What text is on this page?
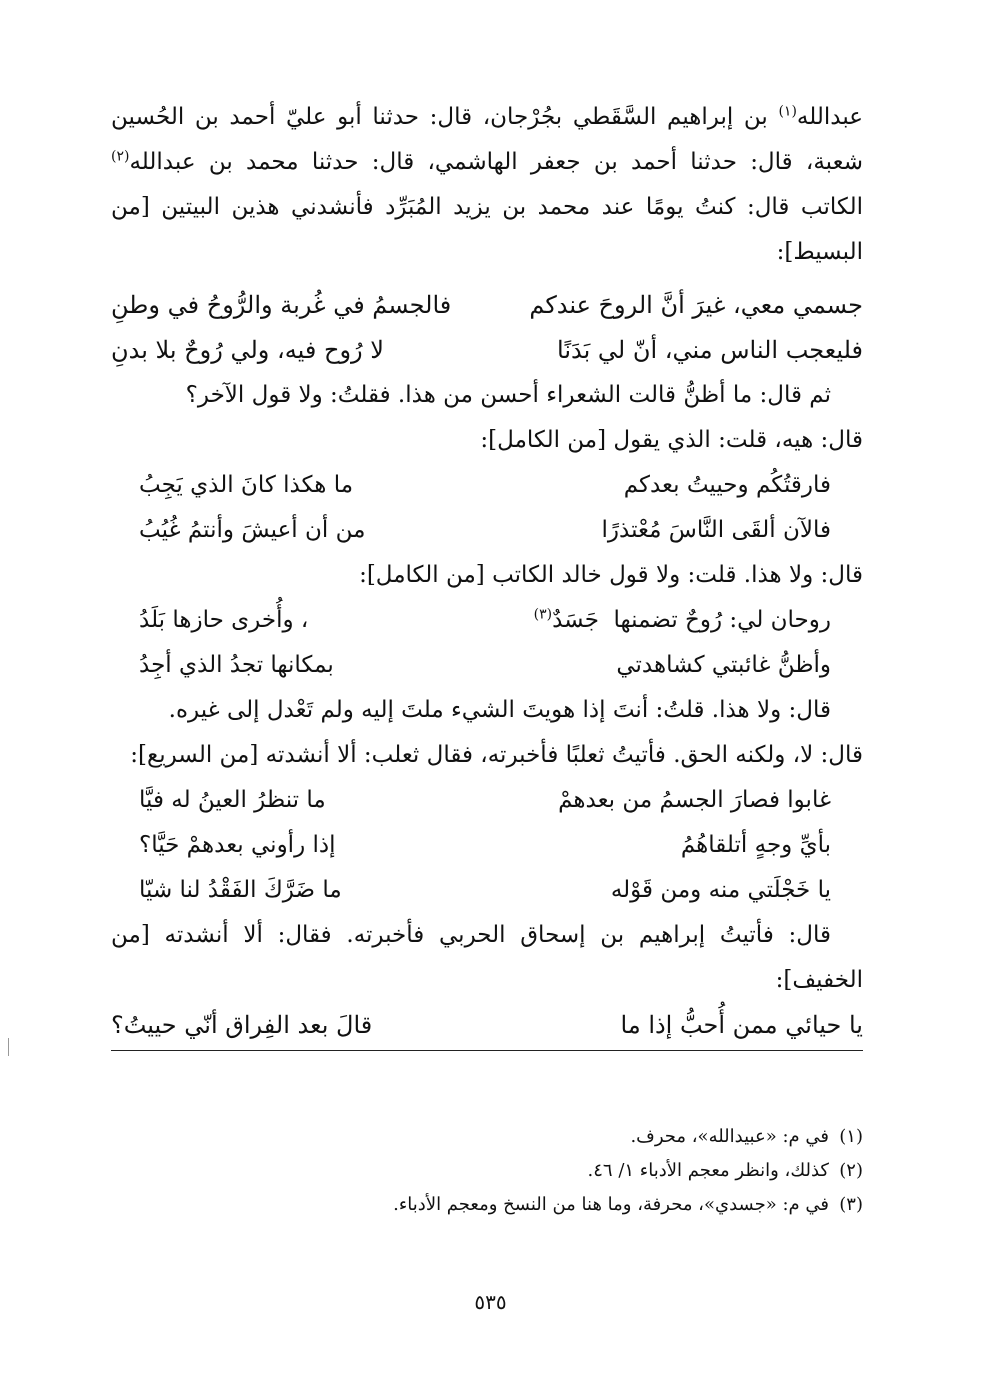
عبدالله$^{(١)}$ بن إبراهيم السَّقَطي بجُرْجان، قال: حدثنا أبو عليّ أحمد بن الحُسين شعبة، قال: حدثنا أحمد بن جعفر الهاشمي، قال: حدثنا محمد بن عبدالله$^{(٢)}$ الكاتب قال: كنتُ يومًا عند محمد بن يزيد المُبَرِّد فأنشدني هذين البيتين [من البسيط]:

جسمي معي، غيرَ أنَّ الروحَ عندكم
فالجسمُ في غُربة والرُّوحُ في وطنِ
فليعجب الناس مني، أنّ لي بَدَنًا
لا رُوح فيه، ولي رُوحٌ بلا بدنِ

ثم قال: ما أظنُّ قالت الشعراء أحسن من هذا. فقلتُ: ولا قول الآخر؟

قال: هيه، قلت: الذي يقول [من الكامل]:

فارقتُكُم وحييتُ بعدكم
ما هكذا كانَ الذي يَجِبُ
فالآن ألقَى النَّاسَ مُعْتذرًا
من أن أعيشَ وأنتمُ غُيُبُ

قال: ولا هذا. قلت: ولا قول خالد الكاتب [من الكامل]:

روحان لي: رُوحٌ تضمنها  جَسَدٌ$^{(٣)}$
، وأُخرى حازها بَلَدُ
وأظنُّ غائبتي كشاهدتي
بمكانها تجدُ الذي أجِدُ

قال: ولا هذا. قلتُ: أنتَ إذا هويتَ الشيء ملتَ إليه ولم تَعْدل إلى غيره.

قال: لا، ولكنه الحق. فأتيتُ ثعلبًا فأخبرته، فقال ثعلب: ألا أنشدته [من السريع]:

غابوا فصارَ الجسمُ من بعدهمْ
ما تنظرُ العينُ له فيَّا
بأيِّ وجهٍ أتلقاهُمُ
إذا رأوني بعدهمْ حَيَّا؟
يا خَجْلَتي منه ومن قَوْله
ما ضَرَّكَ الفَقْدُ لنا شيّا

قال: فأتيتُ إبراهيم بن إسحاق الحربي فأخبرته. فقال: ألا أنشدته [من الخفيف]:

يا حيائي ممن أُحبُّ إذا ما
قالَ بعد الفِراق أنّي حييتُ؟

(١)في م: «عبيدالله»، محرف.

(٢)كذلك، وانظر معجم الأدباء ١/ ٤٦.

(٣)في م: «جسدي»، محرفة، وما هنا من النسخ ومعجم الأدباء.

٥٣٥
